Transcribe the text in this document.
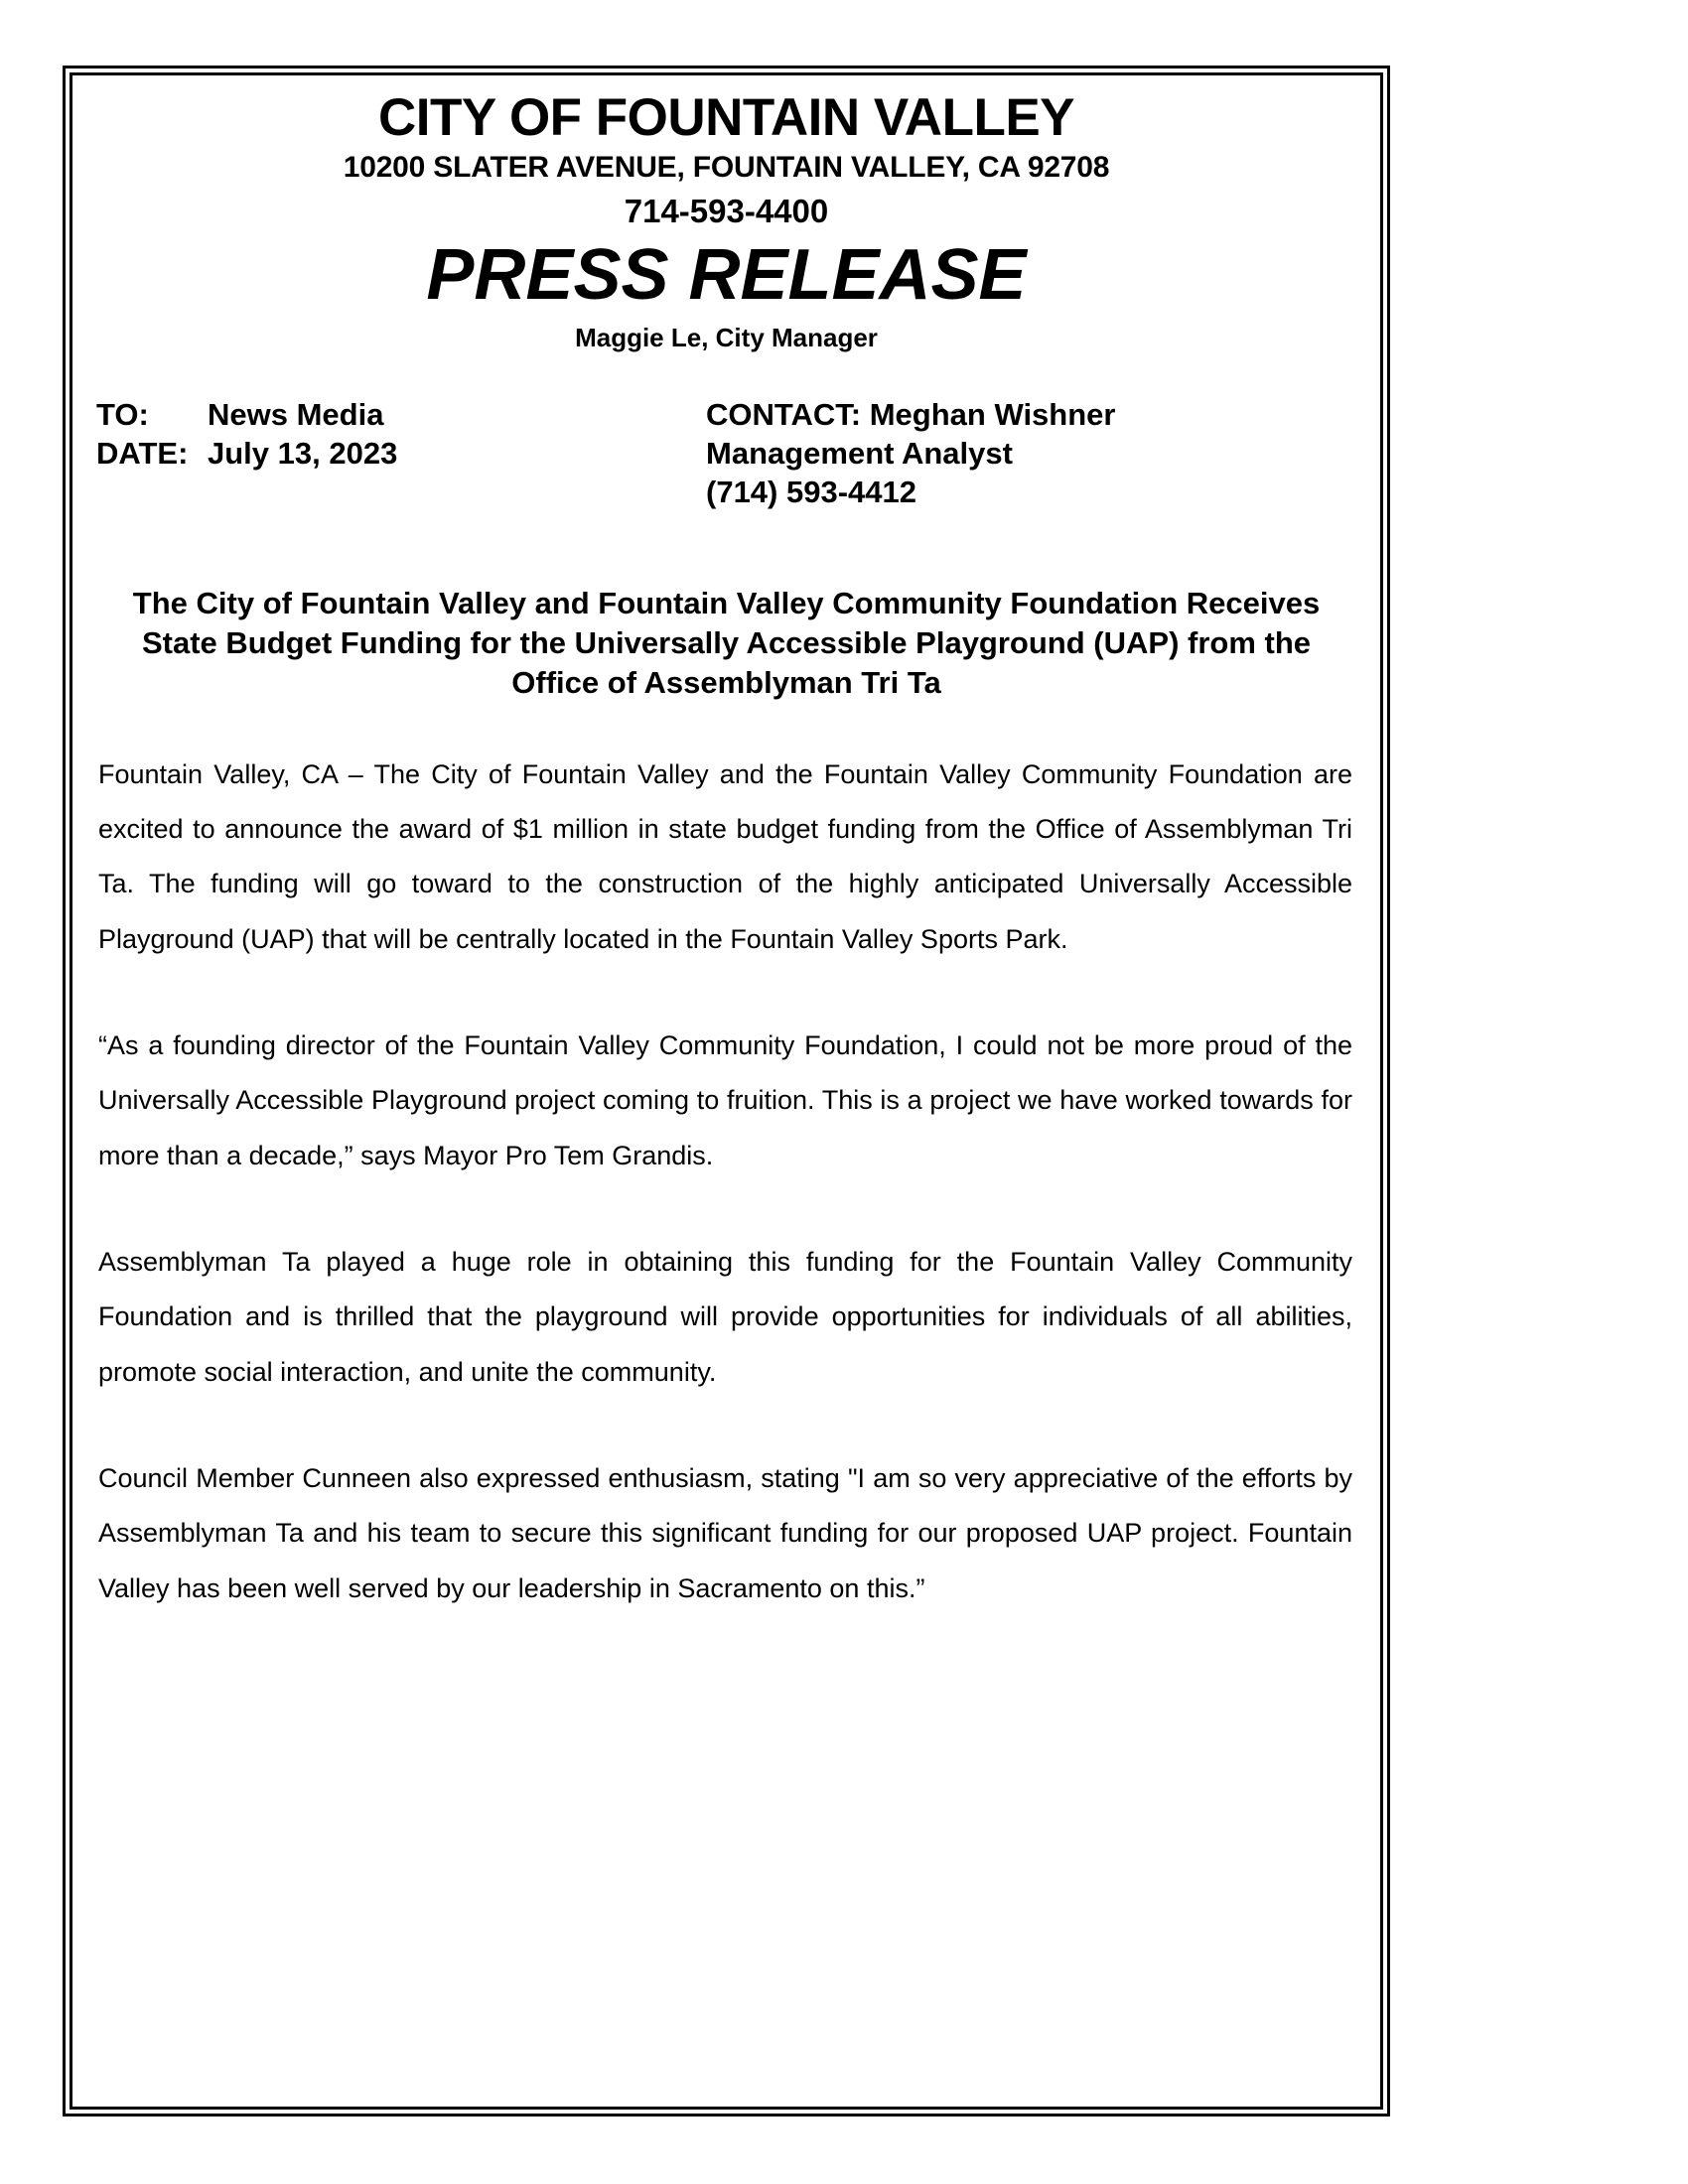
CITY OF FOUNTAIN VALLEY
10200 SLATER AVENUE, FOUNTAIN VALLEY, CA 92708
714-593-4400
PRESS RELEASE
Maggie Le, City Manager
TO:	News Media
DATE: July 13, 2023
CONTACT: Meghan Wishner
Management Analyst
(714) 593-4412
The City of Fountain Valley and Fountain Valley Community Foundation Receives State Budget Funding for the Universally Accessible Playground (UAP) from the Office of Assemblyman Tri Ta

Fountain Valley, CA – The City of Fountain Valley and the Fountain Valley Community Foundation are excited to announce the award of $1 million in state budget funding from the Office of Assemblyman Tri Ta. The funding will go toward to the construction of the highly anticipated Universally Accessible Playground (UAP) that will be centrally located in the Fountain Valley Sports Park.

“As a founding director of the Fountain Valley Community Foundation, I could not be more proud of the Universally Accessible Playground project coming to fruition. This is a project we have worked towards for more than a decade,” says Mayor Pro Tem Grandis.

Assemblyman Ta played a huge role in obtaining this funding for the Fountain Valley Community Foundation and is thrilled that the playground will provide opportunities for individuals of all abilities, promote social interaction, and unite the community.

Council Member Cunneen also expressed enthusiasm, stating "I am so very appreciative of the efforts by Assemblyman Ta and his team to secure this significant funding for our proposed UAP project. Fountain Valley has been well served by our leadership in Sacramento on this.”
